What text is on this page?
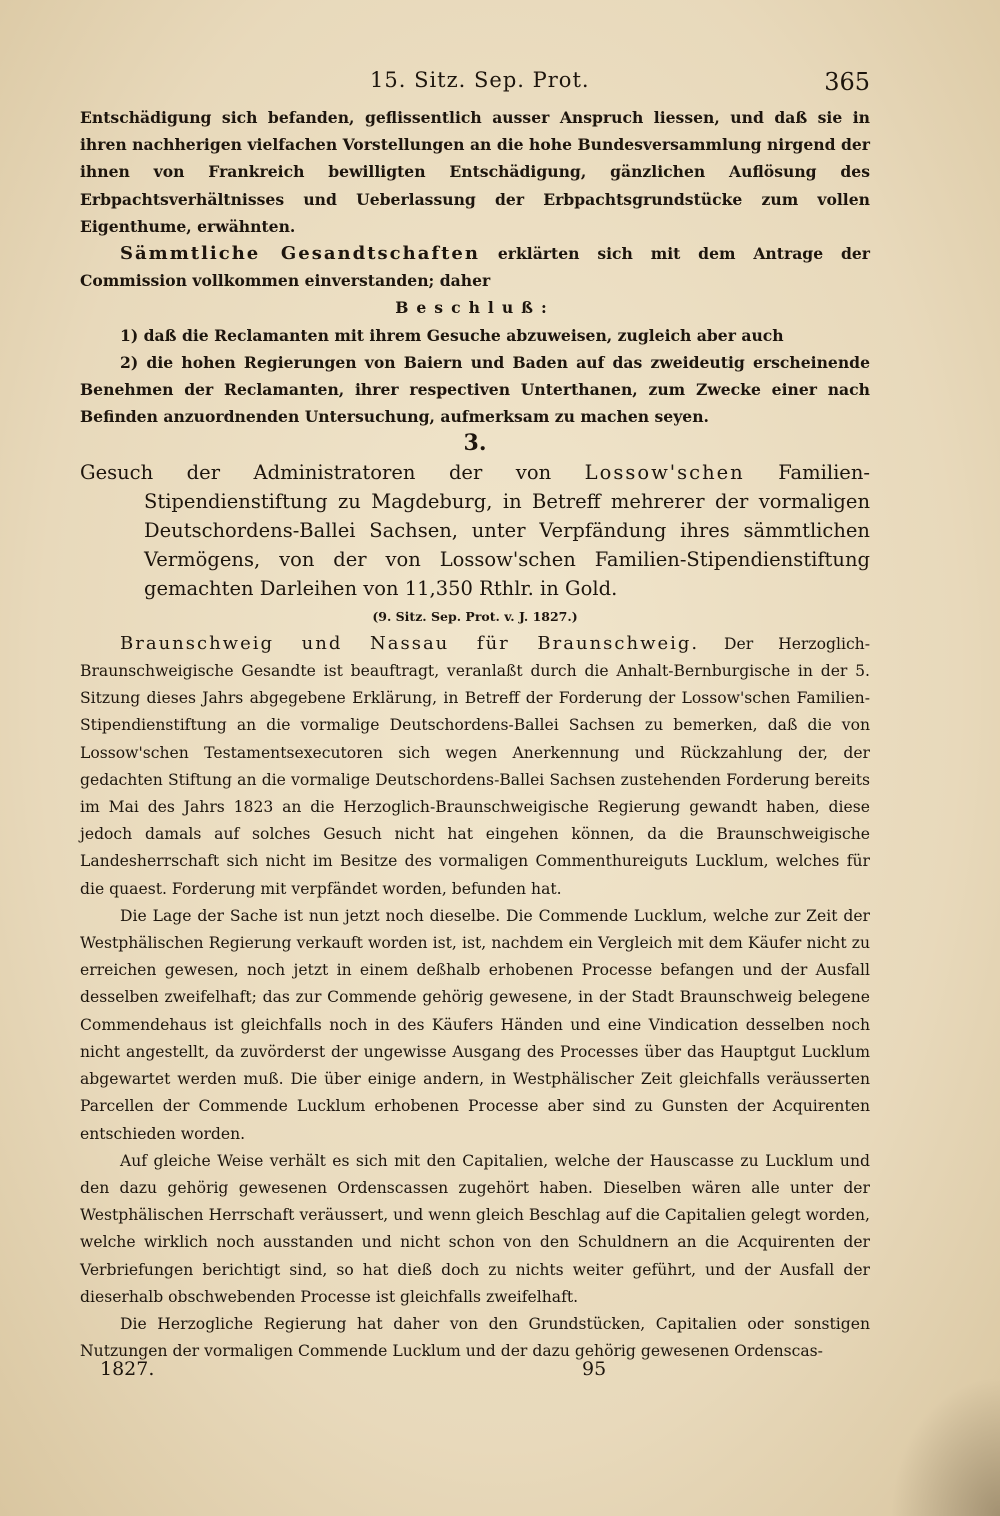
15. Sitz. Sep. Prot.	365

Entschädigung sich befanden, geflissentlich ausser Anspruch liessen, und daß sie in ihren nachherigen vielfachen Vorstellungen an die hohe Bundesversammlung nirgend der ihnen von Frankreich bewilligten Entschädigung, gänzlichen Auflösung des Erbpachtsverhältnisses und Ueberlassung der Erbpachtsgrundstücke zum vollen Eigenthume, erwähnten.

Sämmtliche Gesandtschaften erklärten sich mit dem Antrage der Commission vollkommen einverstanden; daher

Beschluß:

1) daß die Reclamanten mit ihrem Gesuche abzuweisen, zugleich aber auch

2) die hohen Regierungen von Baiern und Baden auf das zweideutig erscheinende Benehmen der Reclamanten, ihrer respectiven Unterthanen, zum Zwecke einer nach Befinden anzuordnenden Untersuchung, aufmerksam zu machen seyen.

3.

Gesuch der Administratoren der von Lossow'schen Familien-Stipendienstiftung zu Magdeburg, in Betreff mehrerer der vormaligen Deutschordens-Ballei Sachsen, unter Verpfändung ihres sämmtlichen Vermögens, von der von Lossow'schen Familien-Stipendienstiftung gemachten Darleihen von 11,350 Rthlr. in Gold.

(9. Sitz. Sep. Prot. v. J. 1827.)

Braunschweig und Nassau für Braunschweig. Der Herzoglich-Braunschweigische Gesandte ist beauftragt, veranlaßt durch die Anhalt-Bernburgische in der 5. Sitzung dieses Jahrs abgegebene Erklärung, in Betreff der Forderung der Lossow'schen Familien-Stipendienstiftung an die vormalige Deutschordens-Ballei Sachsen zu bemerken, daß die von Lossow'schen Testamentsexecutoren sich wegen Anerkennung und Rückzahlung der, der gedachten Stiftung an die vormalige Deutschordens-Ballei Sachsen zustehenden Forderung bereits im Mai des Jahrs 1823 an die Herzoglich-Braunschweigische Regierung gewandt haben, diese jedoch damals auf solches Gesuch nicht hat eingehen können, da die Braunschweigische Landesherrschaft sich nicht im Besitze des vormaligen Commenthureiguts Lucklum, welches für die quaest. Forderung mit verpfändet worden, befunden hat.

Die Lage der Sache ist nun jetzt noch dieselbe. Die Commende Lucklum, welche zur Zeit der Westphälischen Regierung verkauft worden ist, ist, nachdem ein Vergleich mit dem Käufer nicht zu erreichen gewesen, noch jetzt in einem deßhalb erhobenen Processe befangen und der Ausfall desselben zweifelhaft; das zur Commende gehörig gewesene, in der Stadt Braunschweig belegene Commendehaus ist gleichfalls noch in des Käufers Händen und eine Vindication desselben noch nicht angestellt, da zuvörderst der ungewisse Ausgang des Processes über das Hauptgut Lucklum abgewartet werden muß. Die über einige andern, in Westphälischer Zeit gleichfalls veräusserten Parcellen der Commende Lucklum erhobenen Processe aber sind zu Gunsten der Acquirenten entschieden worden.

Auf gleiche Weise verhält es sich mit den Capitalien, welche der Hauscasse zu Lucklum und den dazu gehörig gewesenen Ordenscassen zugehört haben. Dieselben wären alle unter der Westphälischen Herrschaft veräussert, und wenn gleich Beschlag auf die Capitalien gelegt worden, welche wirklich noch ausstanden und nicht schon von den Schuldnern an die Acquirenten der Verbriefungen berichtigt sind, so hat dieß doch zu nichts weiter geführt, und der Ausfall der dieserhalb obschwebenden Processe ist gleichfalls zweifelhaft.

Die Herzogliche Regierung hat daher von den Grundstücken, Capitalien oder sonstigen Nutzungen der vormaligen Commende Lucklum und der dazu gehörig gewesenen Ordenscas-

1827.	95
